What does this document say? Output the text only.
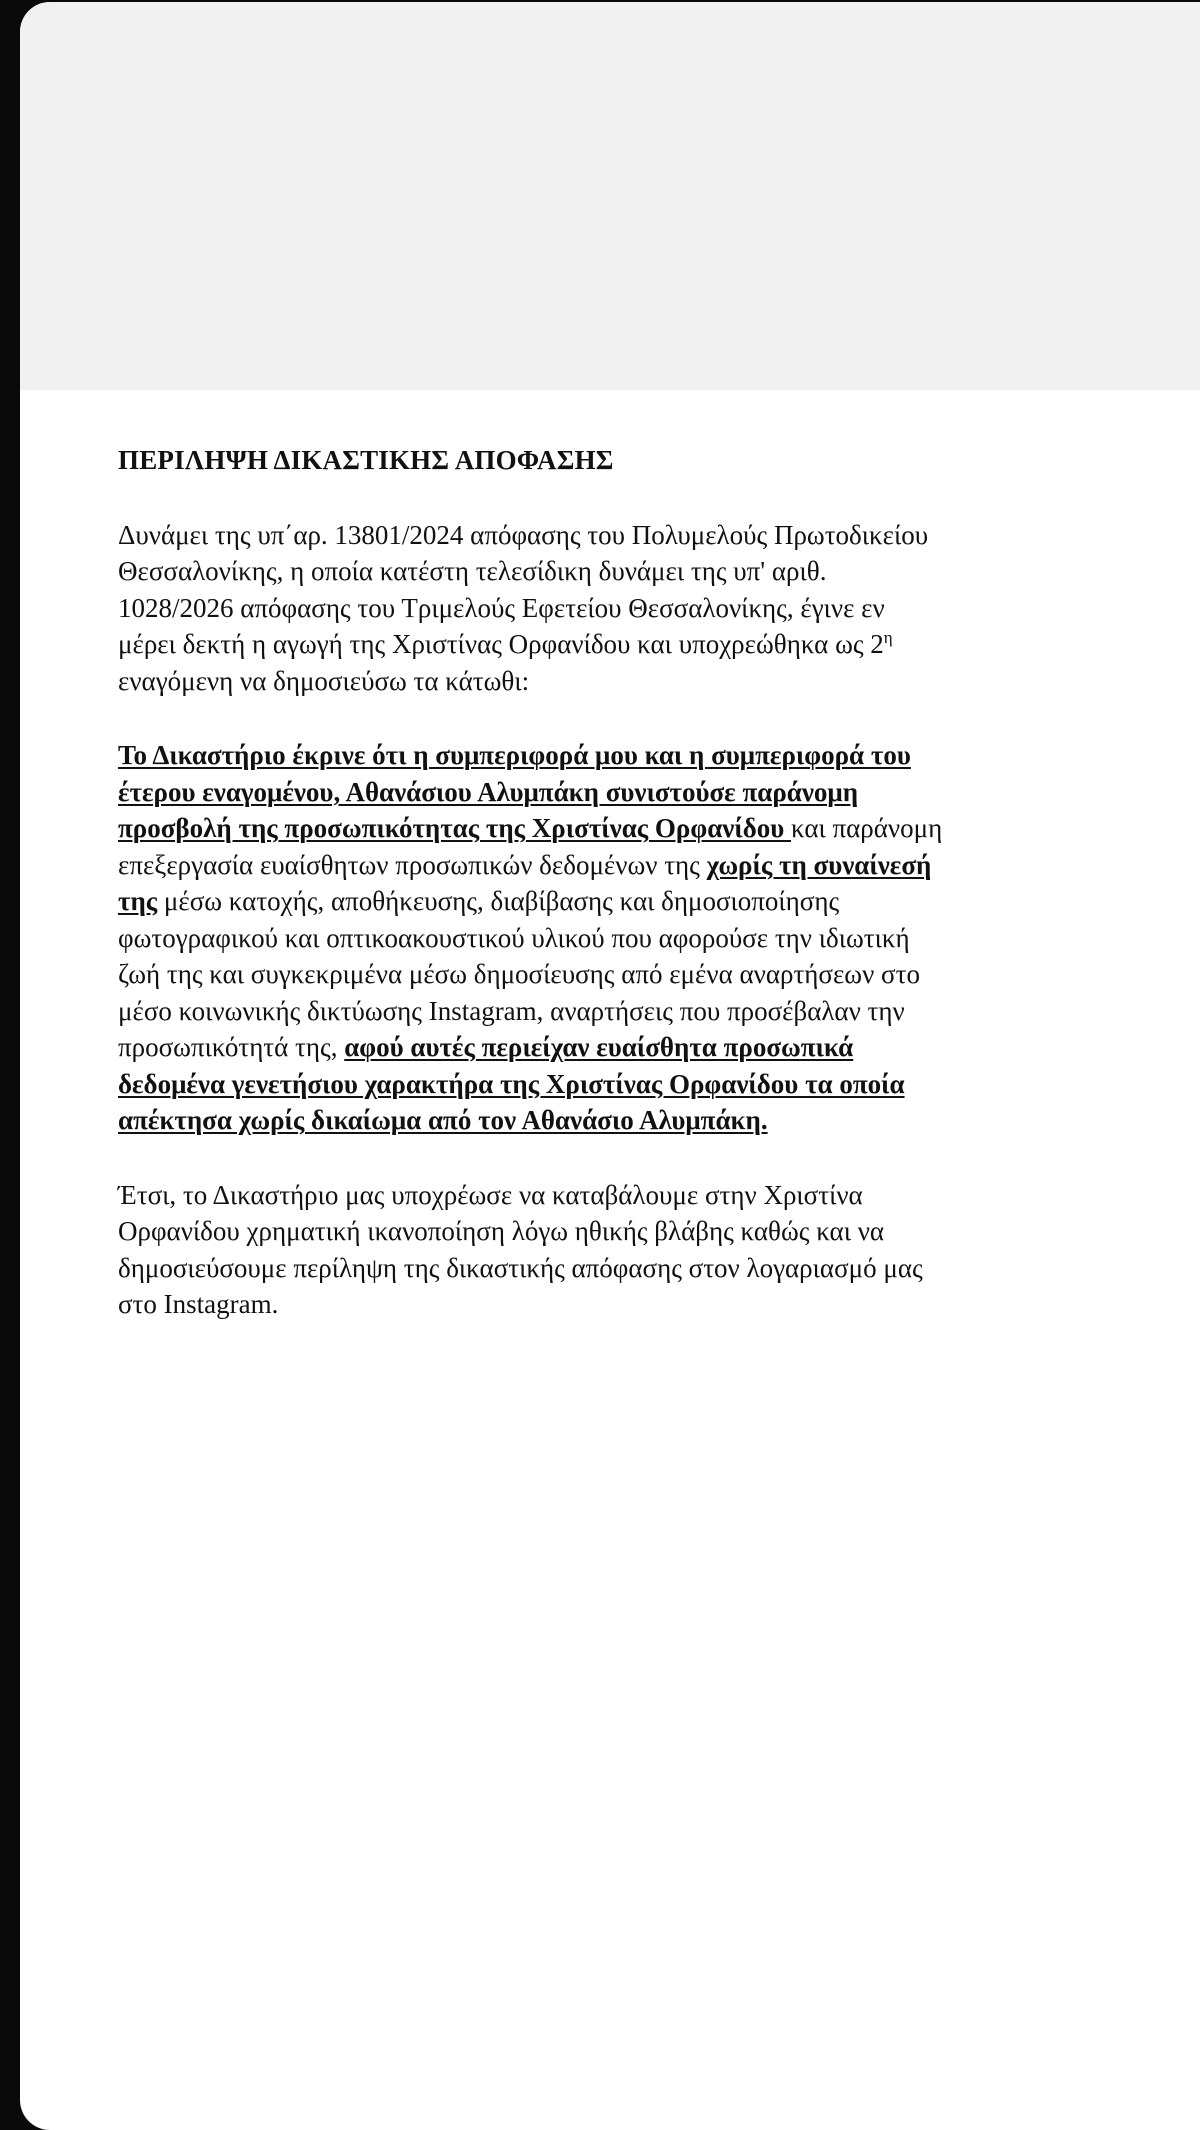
ΠΕΡΙΛΗΨΗ ΔΙΚΑΣΤΙΚΗΣ ΑΠΟΦΑΣΗΣ
Δυνάμει της υπ΄αρ. 13801/2024 απόφασης του Πολυμελούς Πρωτοδικείου
Θεσσαλονίκης, η οποία κατέστη τελεσίδικη δυνάμει της υπ' αριθ.
1028/2026 απόφασης του Τριμελούς Εφετείου Θεσσαλονίκης, έγινε εν
μέρει δεκτή η αγωγή της Χριστίνας Ορφανίδου και υποχρεώθηκα ως $2^\eta$
εναγόμενη να δημοσιεύσω τα κάτωθι:
Το Δικαστήριο έκρινε ότι η συμπεριφορά μου και η συμπεριφορά του
έτερου εναγομένου, Αθανάσιου Αλυμπάκη συνιστούσε παράνομη
προσβολή της προσωπικότητας της Χριστίνας Ορφανίδου και παράνομη
επεξεργασία ευαίσθητων προσωπικών δεδομένων της χωρίς τη συναίνεσή
της μέσω κατοχής, αποθήκευσης, διαβίβασης και δημοσιοποίησης
φωτογραφικού και οπτικοακουστικού υλικού που αφορούσε την ιδιωτική
ζωή της και συγκεκριμένα μέσω δημοσίευσης από εμένα αναρτήσεων στο
μέσο κοινωνικής δικτύωσης Instagram, αναρτήσεις που προσέβαλαν την
προσωπικότητά της, αφού αυτές περιείχαν ευαίσθητα προσωπικά
δεδομένα γενετήσιου χαρακτήρα της Χριστίνας Ορφανίδου τα οποία
απέκτησα χωρίς δικαίωμα από τον Αθανάσιο Αλυμπάκη.
Έτσι, το Δικαστήριο μας υποχρέωσε να καταβάλουμε στην Χριστίνα
Ορφανίδου χρηματική ικανοποίηση λόγω ηθικής βλάβης καθώς και να
δημοσιεύσουμε περίληψη της δικαστικής απόφασης στον λογαριασμό μας
στο Instagram.
